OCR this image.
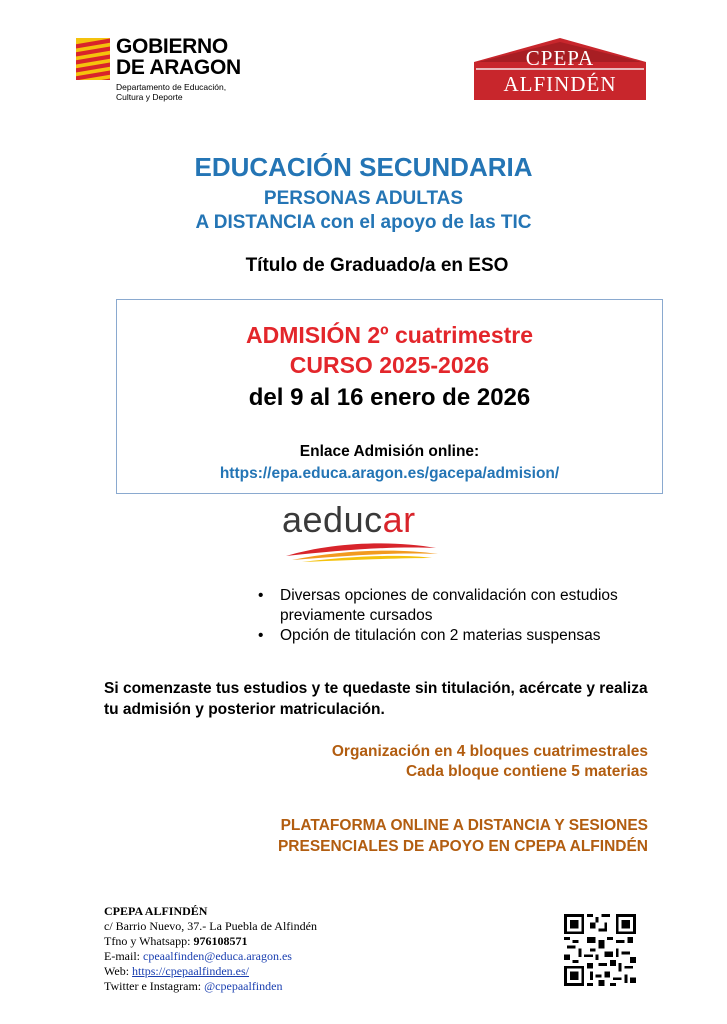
GOBIERNO
DE ARAGON
Departamento de Educación,
Cultura y Deporte
CPEPA
ALFINDÉN
EDUCACIÓN SECUNDARIA
PERSONAS ADULTAS
A DISTANCIA con el apoyo de las TIC
Título de Graduado/a en ESO
ADMISIÓN 2º cuatrimestre
CURSO 2025-2026
del 9 al 16 enero de 2026
Enlace Admisión online:
https://epa.educa.aragon.es/gacepa/admision/
aeducar
• Diversas opciones de convalidación con estudios previamente cursados
• Opción de titulación con 2 materias suspensas
Si comenzaste tus estudios y te quedaste sin titulación, acércate y realiza tu admisión y posterior matriculación.
Organización en 4 bloques cuatrimestrales
Cada bloque contiene 5 materias
PLATAFORMA ONLINE A DISTANCIA Y SESIONES
PRESENCIALES DE APOYO EN CPEPA ALFINDÉN
CPEPA ALFINDÉN
c/ Barrio Nuevo, 37.- La Puebla de Alfindén
Tfno y Whatsapp: 976108571
E-mail: cpeaalfinden@educa.aragon.es
Web: https://cpepaalfinden.es/
Twitter e Instagram: @cpepaalfinden
